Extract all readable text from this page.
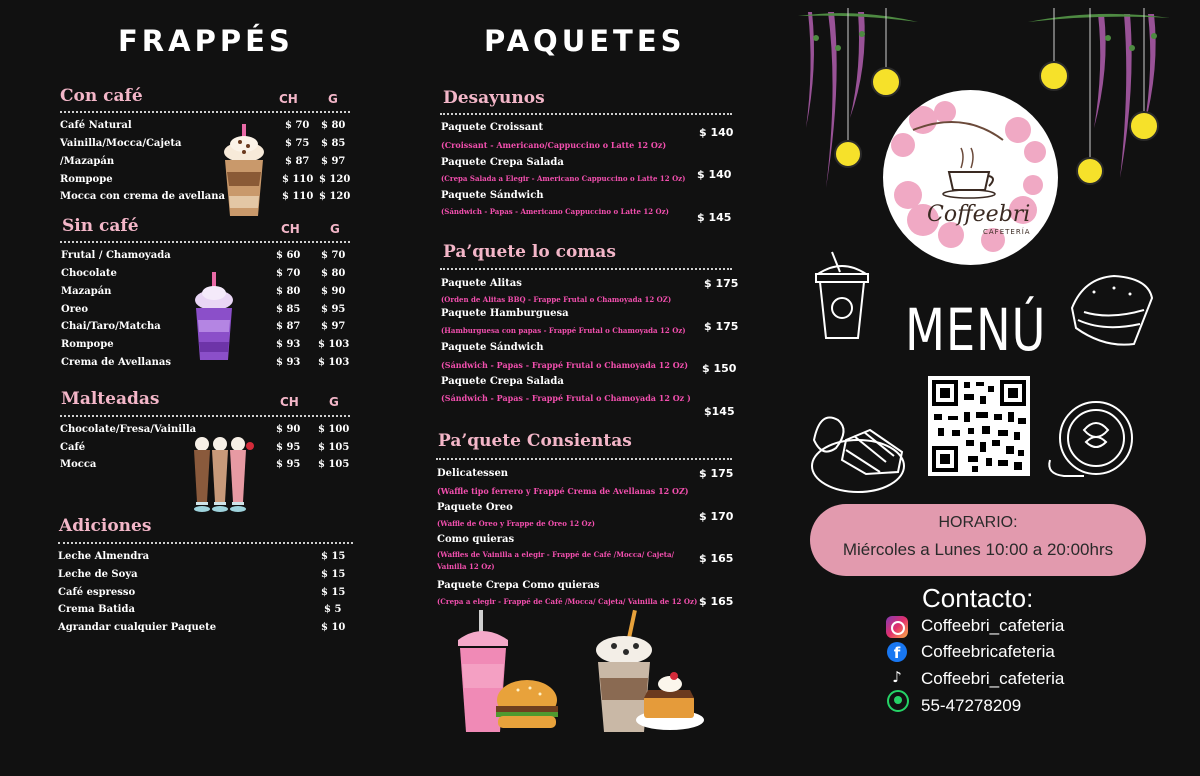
FRAPPÉS
Con café	CH	G
Café Natural	$ 70 $ 80
Vainilla/Mocca/Cajeta	$ 75 $ 85
/Mazapán	$ 87 $ 97
Rompope	$ 110 $ 120
Mocca con crema de avellana	$ 110 $ 120
Sin café	CH	G
Frutal / Chamoyada	$ 60 $ 70
Chocolate	$ 70 $ 80
Mazapán	$ 80 $ 90
Oreo	$ 85 $ 95
Chai/Taro/Matcha	$ 87 $ 97
Rompope	$ 93 $ 103
Crema de Avellanas	$ 93 $ 103
Malteadas	CH	G
Chocolate/Fresa/Vainilla	$ 90 $ 100
Café	$ 95 $ 105
Mocca	$ 95 $ 105
Adiciones
Leche Almendra	$ 15
Leche de Soya	$ 15
Café espresso	$ 15
Crema Batida	$ 5
Agrandar cualquier Paquete	$ 10
PAQUETES
Desayunos
Paquete Croissant
(Croissant - Americano/Cappuccino o Latte 12 Oz)
$ 140
Paquete Crepa Salada
(Crepa Salada a Elegir - Americano Cappuccino o Latte 12 Oz) $ 140
Paquete Sándwich
(Sándwich - Papas - Americano Cappuccino o Latte 12 Oz)	$ 145
Pa’quete lo comas
Paquete Alitas
(Orden de Alitas BBQ - Frappe Frutal o Chamoyada 12 OZ)
$ 175
Paquete Hamburguesa
(Hamburguesa con papas - Frappé Frutal o Chamoyada 12 Oz) $ 175
Paquete Sándwich
(Sándwich - Papas - Frappé Frutal o Chamoyada 12 Oz) $ 150
Paquete Crepa Salada
(Sándwich - Papas - Frappé Frutal o Chamoyada 12 Oz )
$145
Pa’quete Consientas
Delicatessen
(Waffle tipo ferrero y Frappé Crema de Avellanas 12 OZ)
$ 175
Paquete Oreo
(Waffle de Oreo y Frappe de Oreo 12 Oz)
$ 170
Como quieras
(Waffles de Vainilla a elegir - Frappé de Café /Mocca/ Cajeta/
Vainilla 12 Oz)
$ 165
Paquete Crepa Como quieras
(Crepa a elegir - Frappé de Café /Mocca/ Cajeta/ Vainilla de 12 Oz) $ 165
Coffeebri
CAFETERÍA
MENÚ
HORARIO:
Miércoles a Lunes 10:00 a 20:00hrs
Contacto:
Coffeebri_cafeteria
f	Coffeebricafeteria
♪ Coffeebri_cafeteria
55-47278209
